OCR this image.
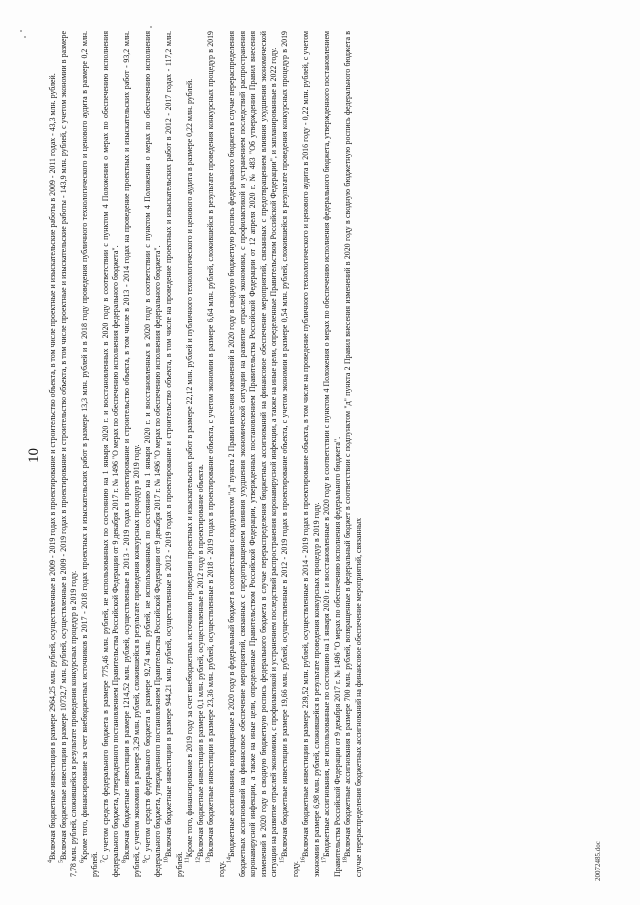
10

$^4$Включая бюджетные инвестиции в размере 2964,25 млн. рублей, осуществленные в 2009 - 2019 годах в проектирование и строительство объекта, в том числе проектные и изыскательские работы в 2009 - 2011 годах - 43,3 млн. рублей.

$^5$Включая бюджетные инвестиции в размере 10732,7 млн. рублей, осуществленные в 2009 - 2019 годах в проектирование и строительство объекта, в том числе проектные и изыскательские работы - 143,9 млн. рублей, с учетом экономии в размере 7,78 млн. рублей, сложившейся в результате проведения конкурсных процедур в 2019 году. $^6$Кроме того, финансирование за счет внебюджетных источников в 2017 - 2018 годах проектных и изыскательских работ в размере 13,3 млн. рублей и в 2018 году проведения публичного технологического и ценового аудита в размере 0,2 млн. рублей. $^7$С учетом средств федерального бюджета в размере 775,46 млн. рублей, не использованных по состоянию на 1 января 2020 г. и восстановленных в 2020 году в соответствии с пунктом 4 Положения о мерах по обеспечению исполнения федерального бюджета, утвержденного постановлением Правительства Российской Федерации от 9 декабря 2017 г. № 1496 "О мерах по обеспечению исполнения федерального бюджета". $^8$Включая бюджетные инвестиции в размере 1214,52 млн. рублей, осуществленные в 2013 - 2019 годах в проектирование и строительство объекта, в том числе в 2013 - 2014 годах на проведение проектных и изыскательских работ - 93,2 млн. рублей, с учетом экономии в размере 3,29 млн. рублей, сложившейся в результате проведения конкурсных процедур в 2019 году. $^9$С учетом средств федерального бюджета в размере 92,74 млн. рублей, не использованных по состоянию на 1 января 2020 г. и восстановленных в 2020 году в соответствии с пунктом 4 Положения о мерах по обеспечению исполнения федерального бюджета, утвержденного постановлением Правительства Российской Федерации от 9 декабря 2017 г. № 1496 "О мерах по обеспечению исполнения федерального бюджета". $^{10}$Включая бюджетные инвестиции в размере 944,21 млн. рублей, осуществленные в 2012 - 2019 годах в проектирование и строительство объекта, в том числе на проведение проектных и изыскательских работ в 2012 - 2017 годах - 117,2 млн. рублей. $^{11}$Кроме того, финансирование в 2019 году за счет внебюджетных источников проведения проектных и изыскательских работ в размере 22,12 млн. рублей и публичного технологического и ценового аудита в размере 0,22 млн. рублей.

$^{12}$Включая бюджетные инвестиции в размере 0,1 млн. рублей, осуществленные в 2012 году в проектирование объекта.

$^{13}$Включая бюджетные инвестиции в размере 23,36 млн. рублей, осуществленные в 2018 - 2019 годах в проектирование объекта, с учетом экономии в размере 6,64 млн. рублей, сложившейся в результате проведения конкурсных процедур в 2019 году.

$^{14}$Бюджетные ассигнования, возвращенные в 2020 году в федеральный бюджет в соответствии с подпунктом "д" пункта 2 Правил внесения изменений в 2020 году в сводную бюджетную роспись федерального бюджета в случае перераспределения бюджетных ассигнований на финансовое обеспечение мероприятий, связанных с предотвращением влияния ухудшения экономической ситуации на развитие отраслей экономики, с профилактикой и устранением последствий распространения коронавирусной инфекции, а также на иные цели, определенные Правительством Российской Федерации, утвержденных постановлением Правительства Российской Федерации от 12 апреля 2020 г. № 483 "Об утверждении Правил внесения изменений в 2020 году в сводную бюджетную роспись федерального бюджета в случае перераспределения бюджетных ассигнований на финансовое обеспечение мероприятий, связанных с предотвращением влияния ухудшения экономической ситуации на развитие отраслей экономики, с профилактикой и устранением последствий распространения коронавирусной инфекции, а также на иные цели, определенные Правительством Российской Федерации", и запланированные в 2022 году. $^{15}$Включая бюджетные инвестиции в размере 19,66 млн. рублей, осуществленные в 2012 - 2019 годах в проектирование объекта, с учетом экономии в размере 0,54 млн. рублей, сложившейся в результате проведения конкурсных процедур в 2019 году.

$^{16}$Включая бюджетные инвестиции в размере 239,52 млн. рублей, осуществленные в 2014 - 2019 годах в проектирование объекта, в том числе на проведение публичного технологического и ценового аудита в 2016 году - 0,22 млн. рублей, с учетом экономии в размере 6,98 млн. рублей, сложившейся в результате проведения конкурсных процедур в 2019 году. $^{17}$Бюджетные ассигнования, не использованные по состоянию на 1 января 2020 г. и восстановленные в 2020 году в соответствии с пунктом 4 Положения о мерах по обеспечению исполнения федерального бюджета, утвержденного постановлением Правительства Российской Федерации от 9 декабря 2017 г. № 1496 "О мерах по обеспечению исполнения федерального бюджета". $^{18}$Включая бюджетные ассигнования в размере 700 млн. рублей, возвращенные в федеральный бюджет в соответствии с подпунктом "д" пункта 2 Правил внесения изменений в 2020 году в сводную бюджетную роспись федерального бюджета в случае перераспределения бюджетных ассигнований на финансовое обеспечение мероприятий, связанных	20072485.doc
